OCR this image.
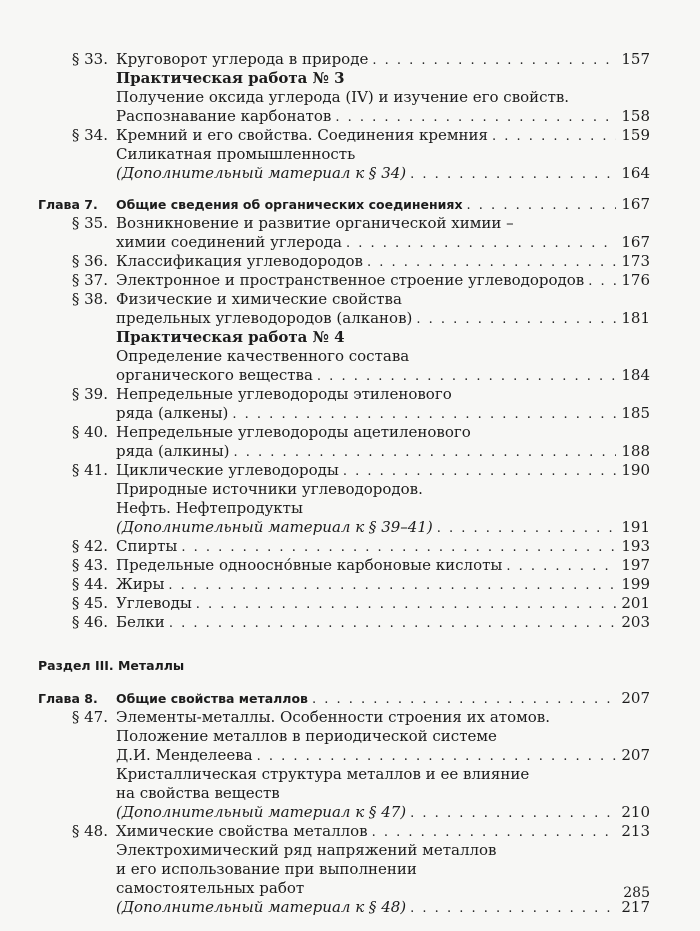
§ 33. Круговорот углерода в природе . . .	157
Практическая работа № 3
Получение оксида углерода (IV) и изучение его свойств.
Распознавание карбонатов . . .	158
§ 34. Кремний и его свойства. Соединения кремния . . .	159
Силикатная промышленность
(Дополнительный материал к § 34) . . .	164
Глава 7.	Общие сведения об органических соединениях . . .	167
§ 35. Возникновение и развитие органической химии –
химии соединений углерода . . .	167
§ 36. Классификация углеводородов . . .	173
§ 37. Электронное и пространственное строение углеводородов . . . 176
§ 38. Физические и химические свойства
предельных углеводородов (алканов) . . .	181
Практическая работа № 4
Определение качественного состава
органического вещества . . .	184
§ 39. Непредельные углеводороды этиленового
ряда (алкены) . . .	185
§ 40. Непредельные углеводороды ацетиленового
ряда (алкины) . . .	188
§ 41. Циклические углеводороды . . .	190
Природные источники углеводородов.
Нефть. Нефтепродукты
(Дополнительный материал к § 39–41) . . .	191
§ 42. Спирты . . .	193
§ 43. Предельные одноосно́вные карбоновые кислоты . . .	197
§ 44. Жиры . . .	199
§ 45. Углеводы . . .	201
§ 46. Белки . . .	203
Раздел III. Металлы
Глава 8.	Общие свойства металлов . . .	207
§ 47. Элементы-металлы. Особенности строения их атомов.
Положение металлов в периодической системе
Д.И. Менделеева . . .	207
Кристаллическая структура металлов и ее влияние
на свойства веществ
(Дополнительный материал к § 47) . . .	210
§ 48. Химические свойства металлов . . .	213
Электрохимический ряд напряжений металлов
и его использование при выполнении
самостоятельных работ
(Дополнительный материал к § 48) . . .	217
285
